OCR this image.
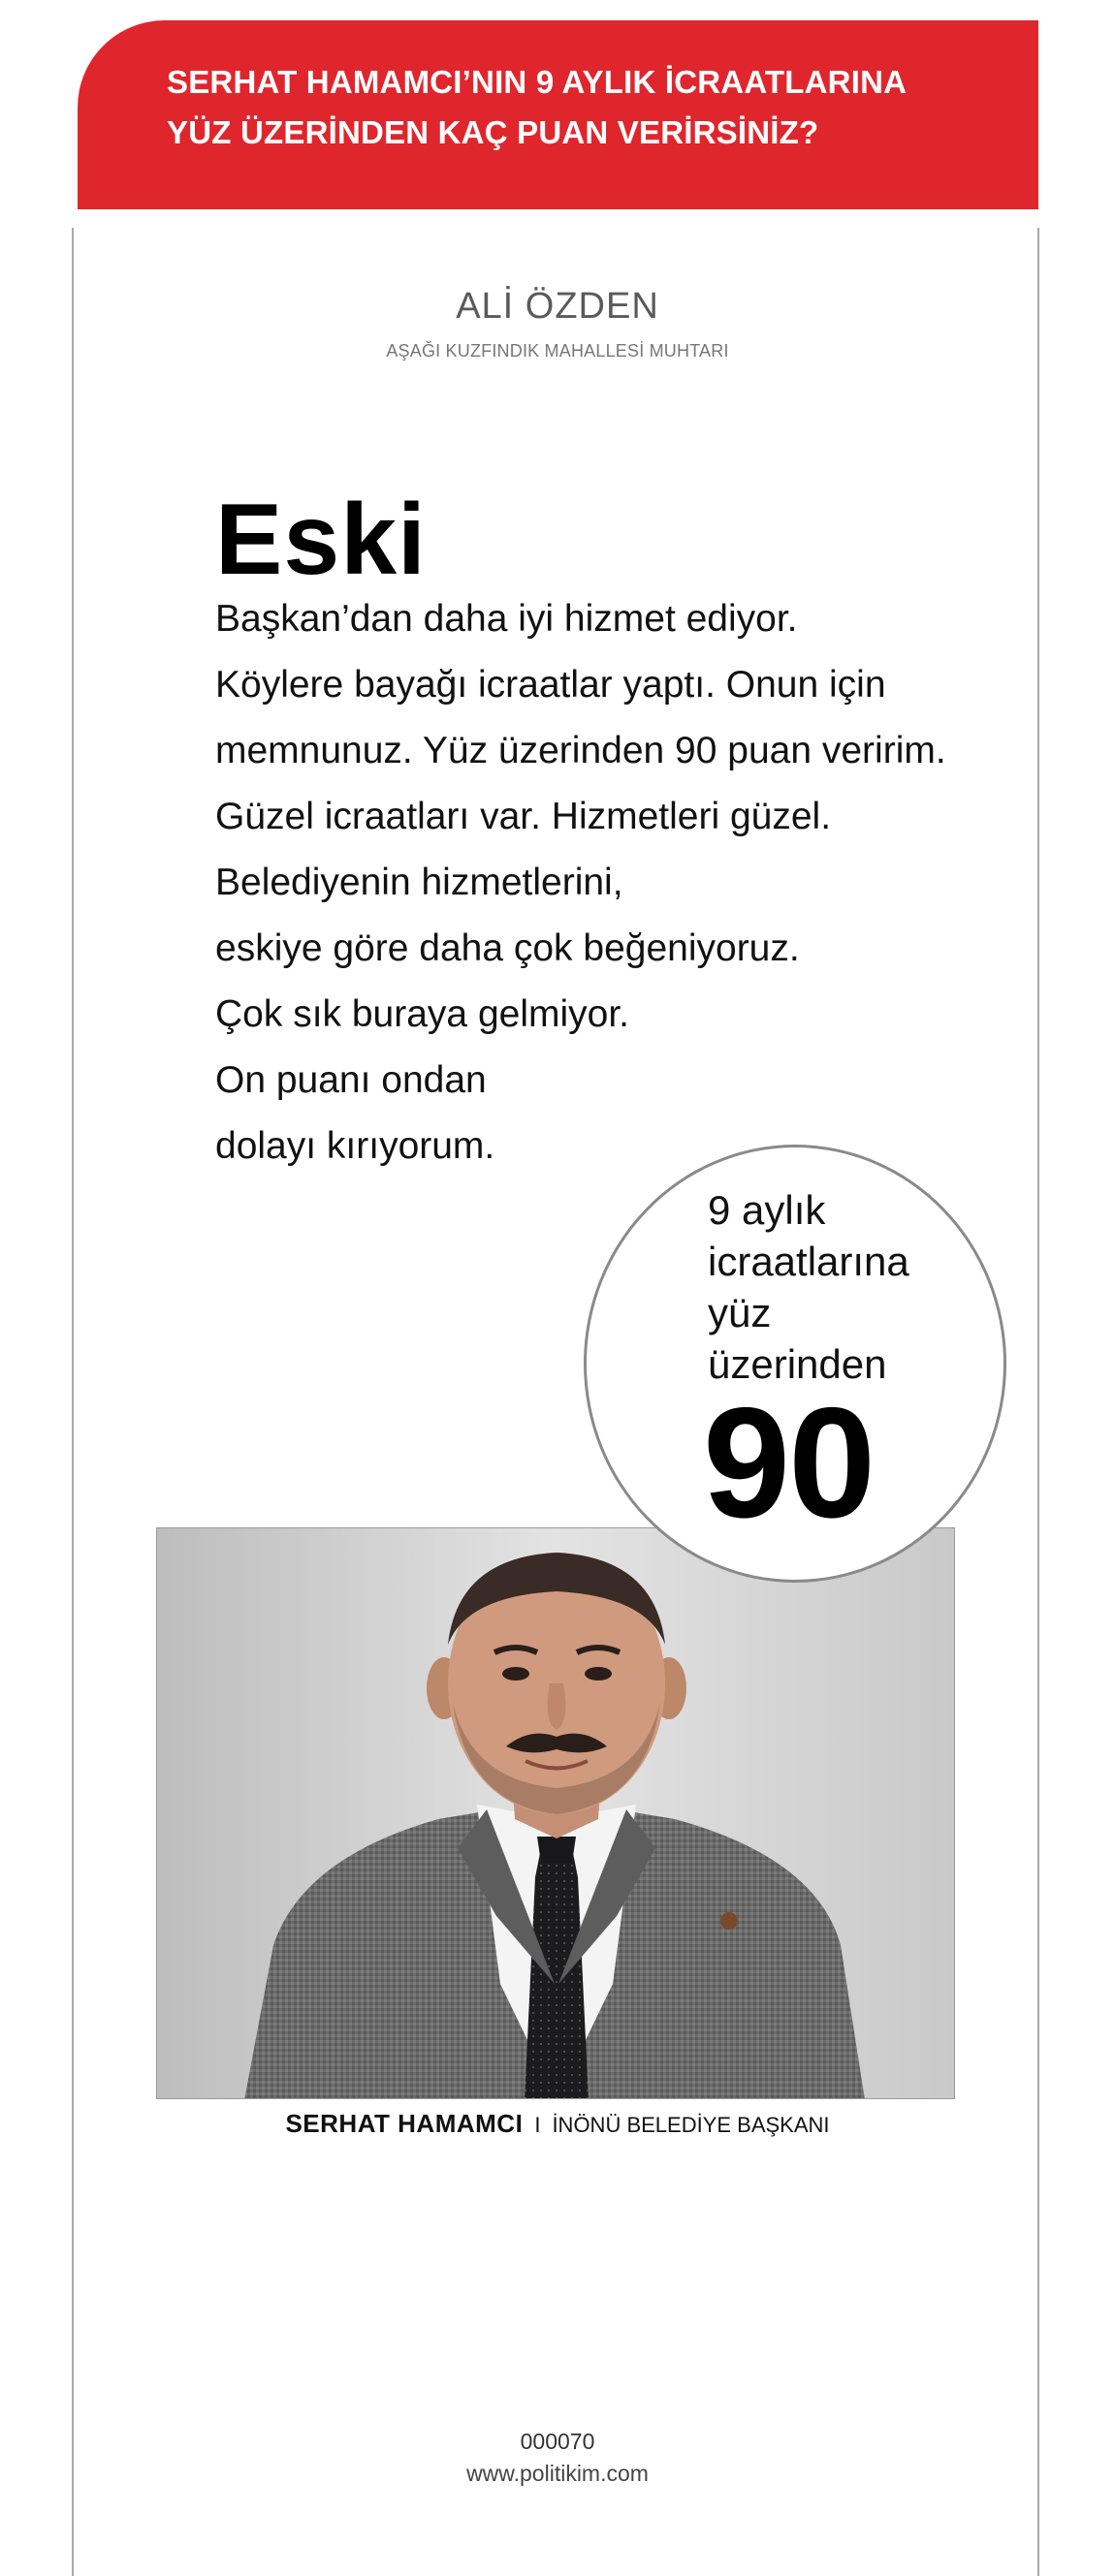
SERHAT HAMAMCI’NIN 9 AYLIK İCRAATLARINA
YÜZ ÜZERİNDEN KAÇ PUAN VERİRSİNİZ?
ALİ ÖZDEN
AŞAĞI KUZFINDIK MAHALLESİ MUHTARI
Eski
Başkan’dan daha iyi hizmet ediyor.
Köylere bayağı icraatlar yaptı. Onun için
memnunuz. Yüz üzerinden 90 puan veririm.
Güzel icraatları var. Hizmetleri güzel.
Belediyenin hizmetlerini,
eskiye göre daha çok beğeniyoruz.
Çok sık buraya gelmiyor.
On puanı ondan
dolayı kırıyorum.
9 aylık
icraatlarına
yüz
üzerinden
90
SERHAT HAMAMCI I İNÖNÜ BELEDİYE BAŞKANI
000070
www.politikim.com
